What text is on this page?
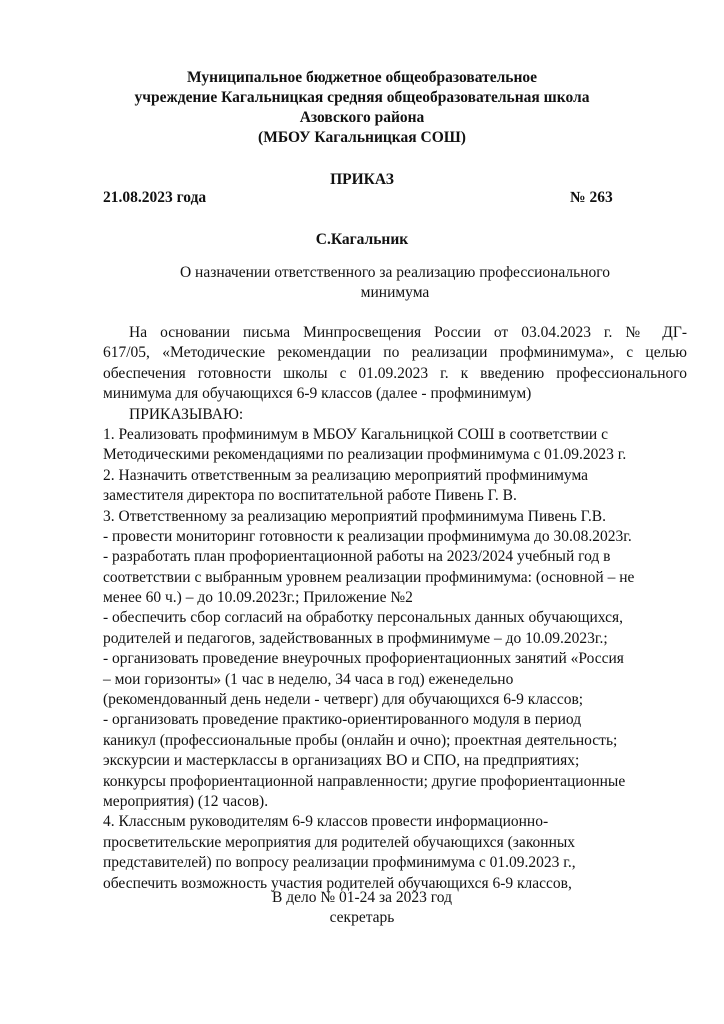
Муниципальное бюджетное общеобразовательное
учреждение Кагальницкая средняя общеобразовательная школа
Азовского района
(МБОУ Кагальницкая СОШ)
ПРИКАЗ
21.08.2023 года	№ 263
С.Кагальник
О назначении ответственного за реализацию профессионального
минимума
На основании письма Минпросвещения России от 03.04.2023 г. № ДГ-
617/05, «Методические рекомендации по реализации профминимума», с целью
обеспечения готовности школы с 01.09.2023 г. к введению профессионального
минимума для обучающихся 6-9 классов (далее - профминимум)
ПРИКАЗЫВАЮ:
1. Реализовать профминимум в МБОУ Кагальницкой СОШ в соответствии с
Методическими рекомендациями по реализации профминимума с 01.09.2023 г.
2. Назначить ответственным за реализацию мероприятий профминимума
заместителя директора по воспитательной работе Пивень Г. В.
3. Ответственному за реализацию мероприятий профминимума Пивень Г.В.
- провести мониторинг готовности к реализации профминимума до 30.08.2023г.
- разработать план профориентационной работы на 2023/2024 учебный год в
соответствии с выбранным уровнем реализации профминимума: (основной – не
менее 60 ч.) – до 10.09.2023г.; Приложение №2
- обеспечить сбор согласий на обработку персональных данных обучающихся,
родителей и педагогов, задействованных в профминимуме – до 10.09.2023г.;
- организовать проведение внеурочных профориентационных занятий «Россия
– мои горизонты» (1 час в неделю, 34 часа в год) еженедельно
(рекомендованный день недели - четверг) для обучающихся 6-9 классов;
- организовать проведение практико-ориентированного модуля в период
каникул (профессиональные пробы (онлайн и очно); проектная деятельность;
экскурсии и мастерклассы в организациях ВО и СПО, на предприятиях;
конкурсы профориентационной направленности; другие профориентационные
мероприятия) (12 часов).
4. Классным руководителям 6-9 классов провести информационно-
просветительские мероприятия для родителей обучающихся (законных
представителей) по вопросу реализации профминимума с 01.09.2023 г.,
обеспечить возможность участия родителей обучающихся 6-9 классов,
В дело № 01-24 за 2023 год
секретарь
